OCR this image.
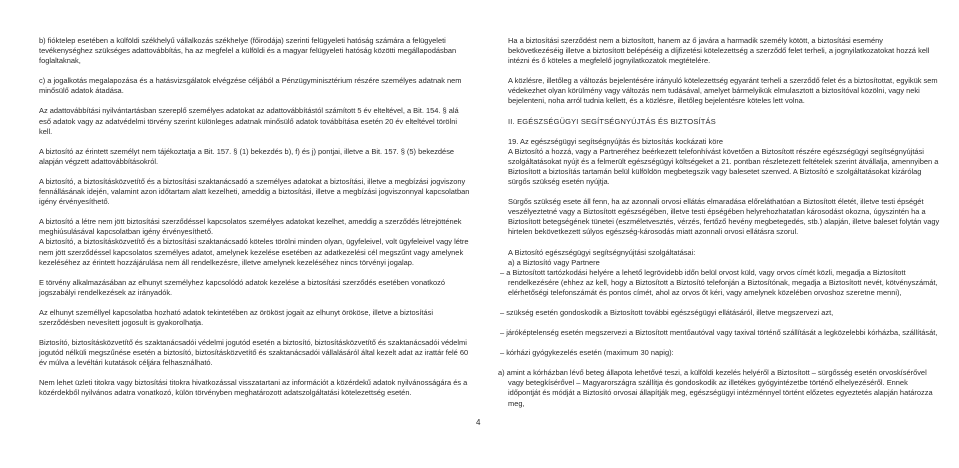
b) fióktelep esetében a külföldi székhelyű vállalkozás székhelye (főirodája) szerinti felügyeleti hatóság számára a felügyeleti tevékenységhez szükséges adattovábbítás, ha az megfelel a külföldi és a magyar felügyeleti hatóság közötti megállapodásban foglaltaknak,

c) a jogalkotás megalapozása és a hatásvizsgálatok elvégzése céljából a Pénzügyminisztérium részére személyes adatnak nem minősülő adatok átadása.

Az adattovábbítási nyilvántartásban szereplő személyes adatokat az adattovábbítástól számított 5 év elteltével, a Bit. 154. § alá eső adatok vagy az adatvédelmi törvény szerint különleges adatnak minősülő adatok továbbítása esetén 20 év elteltével törölni kell.

A biztosító az érintett személyt nem tájékoztatja a Bit. 157. § (1) bekezdés b), f) és j) pontjai, illetve a Bit. 157. § (5) bekezdése alapján végzett adattovábbításokról.

A biztosító, a biztosításközvetítő és a biztosítási szaktanácsadó a személyes adatokat a biztosítási, illetve a megbízási jogviszony fennállásának idején, valamint azon időtartam alatt kezelheti, ameddig a biztosítási, illetve a megbízási jogviszonnyal kapcsolatban igény érvényesíthető.

A biztosító a létre nem jött biztosítási szerződéssel kapcsolatos személyes adatokat kezelhet, ameddig a szerződés létrejöttének meghiúsulásával kapcsolatban igény érvényesíthető.

A biztosító, a biztosításközvetítő és a biztosítási szaktanácsadó köteles törölni minden olyan, ügyfeleivel, volt ügyfeleivel vagy létre nem jött szerződéssel kapcsolatos személyes adatot, amelynek kezelése esetében az adatkezelési cél megszűnt vagy amelynek kezeléséhez az érintett hozzájárulása nem áll rendelkezésre, illetve amelynek kezeléséhez nincs törvényi jogalap.

E törvény alkalmazásában az elhunyt személyhez kapcsolódó adatok kezelése a biztosítási szerződés esetében vonatkozó jogszabályi rendelkezések az irányadók.

Az elhunyt személlyel kapcsolatba hozható adatok tekintetében az örököst jogait az elhunyt örököse, illetve a biztosítási szerződésben nevesített jogosult is gyakorolhatja.

Biztosító, biztosításközvetítő és szaktanácsadói védelmi jogutód esetén a biztosító, biztosításközvetítő és szaktanácsadói védelmi jogutód nélküli megszűnése esetén a biztosító, biztosításközvetítő és szaktanácsadói vállalásáról által kezelt adat az irattár felé 60 év múlva a levéltári kutatások céljára felhasználható.

Nem lehet üzleti titokra vagy biztosítási titokra hivatkozással visszatartani az információt a közérdekű adatok nyilvánosságára és a közérdekből nyilvános adatra vonatkozó, külön törvényben meghatározott adatszolgáltatási kötelezettség esetén.

Ha a biztosítási szerződést nem a biztosított, hanem az ő javára a harmadik személy kötött, a biztosítási esemény bekövetkezéséig illetve a biztosított belépéséig a díjfizetési kötelezettség a szerződő felet terheli, a jognyilatkozatokat hozzá kell intézni és ő köteles a megfelelő jognyilatkozatok megtételére.

A közlésre, illetőleg a változás bejelentésére irányuló kötelezettség egyaránt terheli a szerződő felet és a biztosítottat, egyikük sem védekezhet olyan körülmény vagy változás nem tudásával, amelyet bármelyikük elmulasztott a biztosítóval közölni, vagy neki bejelenteni, noha arról tudnia kellett, és a közlésre, illetőleg bejelentésre köteles lett volna.

II. EGÉSZSÉGÜGYI SEGÍTSÉGNYÚJTÁS ÉS BIZTOSÍTÁS

19. Az egészségügyi segítségnyújtás és biztosítás kockázati köre

A Biztosító a hozzá, vagy a Partneréhez beérkezett telefonhívást követően a Biztosított részére egészségügyi segítségnyújtási szolgáltatásokat nyújt és a felmerült egészségügyi költségeket a 21. pontban részletezett feltételek szerint átvállalja, amennyiben a Biztosított a biztosítás tartamán belül külföldön megbetegszik vagy balesetet szenved. A Biztosító e szolgáltatásokat kizárólag sürgős szükség esetén nyújtja.

Sürgős szükség esete áll fenn, ha az azonnali orvosi ellátás elmaradása előreláthatóan a Biztosított életét, illetve testi épségét veszélyeztetné vagy a Biztosított egészségében, illetve testi épségében helyrehozhatatlan károsodást okozna, úgyszintén ha a Biztosított betegségének tünetei (eszméletvesztés, vérzés, fertőző hevény megbetegedés, stb.) alapján, illetve baleset folytán vagy hirtelen bekövetkezett súlyos egészség-károsodás miatt azonnali orvosi ellátásra szorul.

A Biztosító egészségügyi segítségnyújtási szolgáltatásai:

a) a Biztosító vagy Partnere

– a Biztosított tartózkodási helyére a lehető legrövidebb időn belül orvost küld, vagy orvos címét közli, megadja a Biztosított rendelkezésére (ehhez az kell, hogy a Biztosított a Biztosító telefonján a Biztosítónak, megadja a Biztosított nevét, kötvényszámát, elérhetőségi telefonszámát és pontos címét, ahol az orvos őt kéri, vagy amelynek közelében orvoshoz szeretne menni),

– szükség esetén gondoskodik a Biztosított további egészségügyi ellátásáról, illetve megszervezi azt,

– járóképtelenség esetén megszervezi a Biztosított mentőautóval vagy taxival történő szállítását a legközelebbi kórházba, szállítását,

– kórházi gyógykezelés esetén (maximum 30 napig):

a) amint a kórházban lévő beteg állapota lehetővé teszi, a külföldi kezelés helyéről a Biztosított – sürgősség esetén orvoskísérővel vagy betegkísérővel – Magyarországra szállítja és gondoskodik az illetékes gyógyintézetbe történő elhelyezéséről. Ennek időpontját és módját a Biztosító orvosai állapítják meg, egészségügyi intézménnyel történt előzetes egyeztetés alapján határozza meg,

4
